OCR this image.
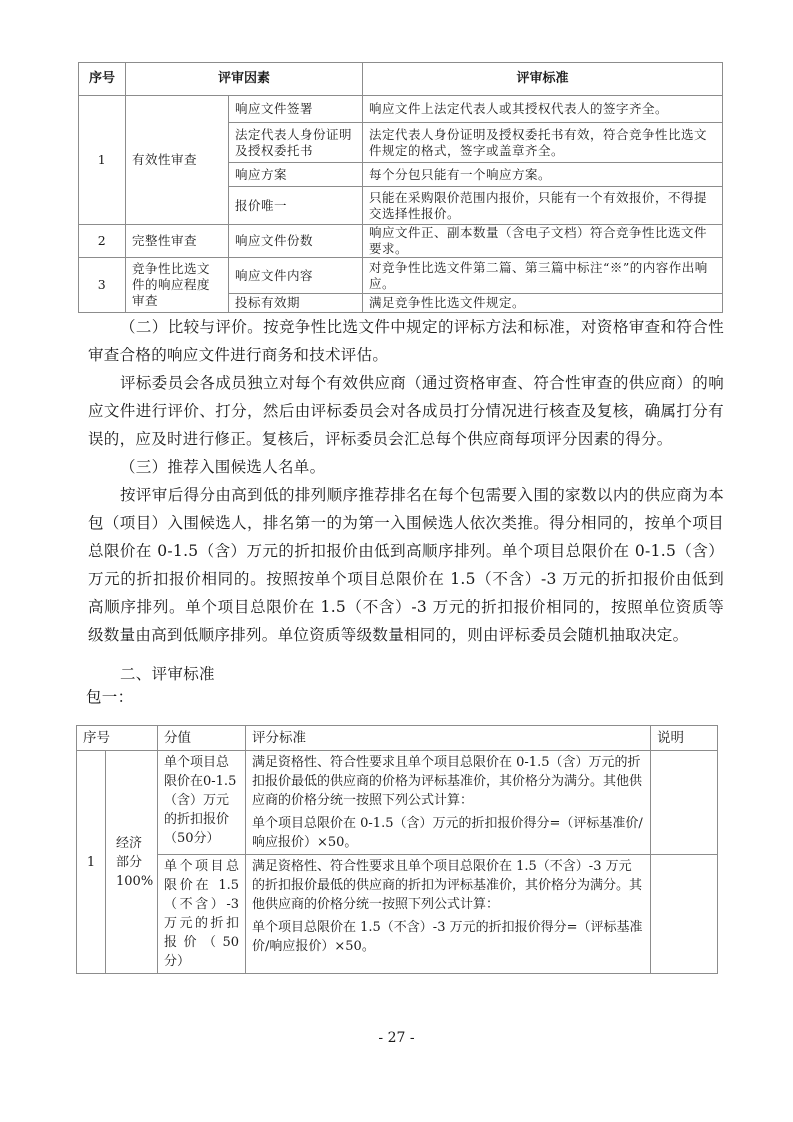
序号	评审因素		评审标准
1	有效性审查	响应文件签署	响应文件上法定代表人或其授权代表人的签字齐全。
		法定代表人身份证明及授权委托书	法定代表人身份证明及授权委托书有效，符合竞争性比选文件规定的格式，签字或盖章齐全。
		响应方案	每个分包只能有一个响应方案。
		报价唯一	只能在采购限价范围内报价，只能有一个有效报价，不得提交选择性报价。
2	完整性审查	响应文件份数	响应文件正、副本数量（含电子文档）符合竞争性比选文件要求。
3	竞争性比选文件的响应程度审查	响应文件内容	对竞争性比选文件第二篇、第三篇中标注“※”的内容作出响应。
		投标有效期	满足竞争性比选文件规定。

（二）比较与评价。按竞争性比选文件中规定的评标方法和标准，对资格审查和符合性审查合格的响应文件进行商务和技术评估。

评标委员会各成员独立对每个有效供应商（通过资格审查、符合性审查的供应商）的响应文件进行评价、打分，然后由评标委员会对各成员打分情况进行核查及复核，确属打分有误的，应及时进行修正。复核后，评标委员会汇总每个供应商每项评分因素的得分。

（三）推荐入围候选人名单。

按评审后得分由高到低的排列顺序推荐排名在每个包需要入围的家数以内的供应商为本包（项目）入围候选人，排名第一的为第一入围候选人依次类推。得分相同的，按单个项目总限价在 0-1.5（含）万元的折扣报价由低到高顺序排列。单个项目总限价在 0-1.5（含）万元的折扣报价相同的。按照按单个项目总限价在 1.5（不含）-3 万元的折扣报价由低到高顺序排列。单个项目总限价在 1.5（不含）-3 万元的折扣报价相同的，按照单位资质等级数量由高到低顺序排列。单位资质等级数量相同的，则由评标委员会随机抽取决定。

二、评审标准

包一：

序号		分值	评分标准	说明
1	经济部分100%	单个项目总限价在0-1.5（含）万元的折扣报价（50分）	满足资格性、符合性要求且单个项目总限价在 0-1.5（含）万元的折扣报价最低的供应商的价格为评标基准价，其价格分为满分。其他供应商的价格分统一按照下列公式计算：

单个项目总限价在 0-1.5（含）万元的折扣报价得分=（评标基准价/响应报价）×50。	

		单个项目总限价在 1.5（不含）-3万元的折扣报价（50分）	满足资格性、符合性要求且单个项目总限价在 1.5（不含）-3 万元的折扣报价最低的供应商的折扣为评标基准价，其价格分为满分。其他供应商的价格分统一按照下列公式计算：

单个项目总限价在 1.5（不含）-3 万元的折扣报价得分=（评标基准价/响应报价）×50。	

- 27 -
